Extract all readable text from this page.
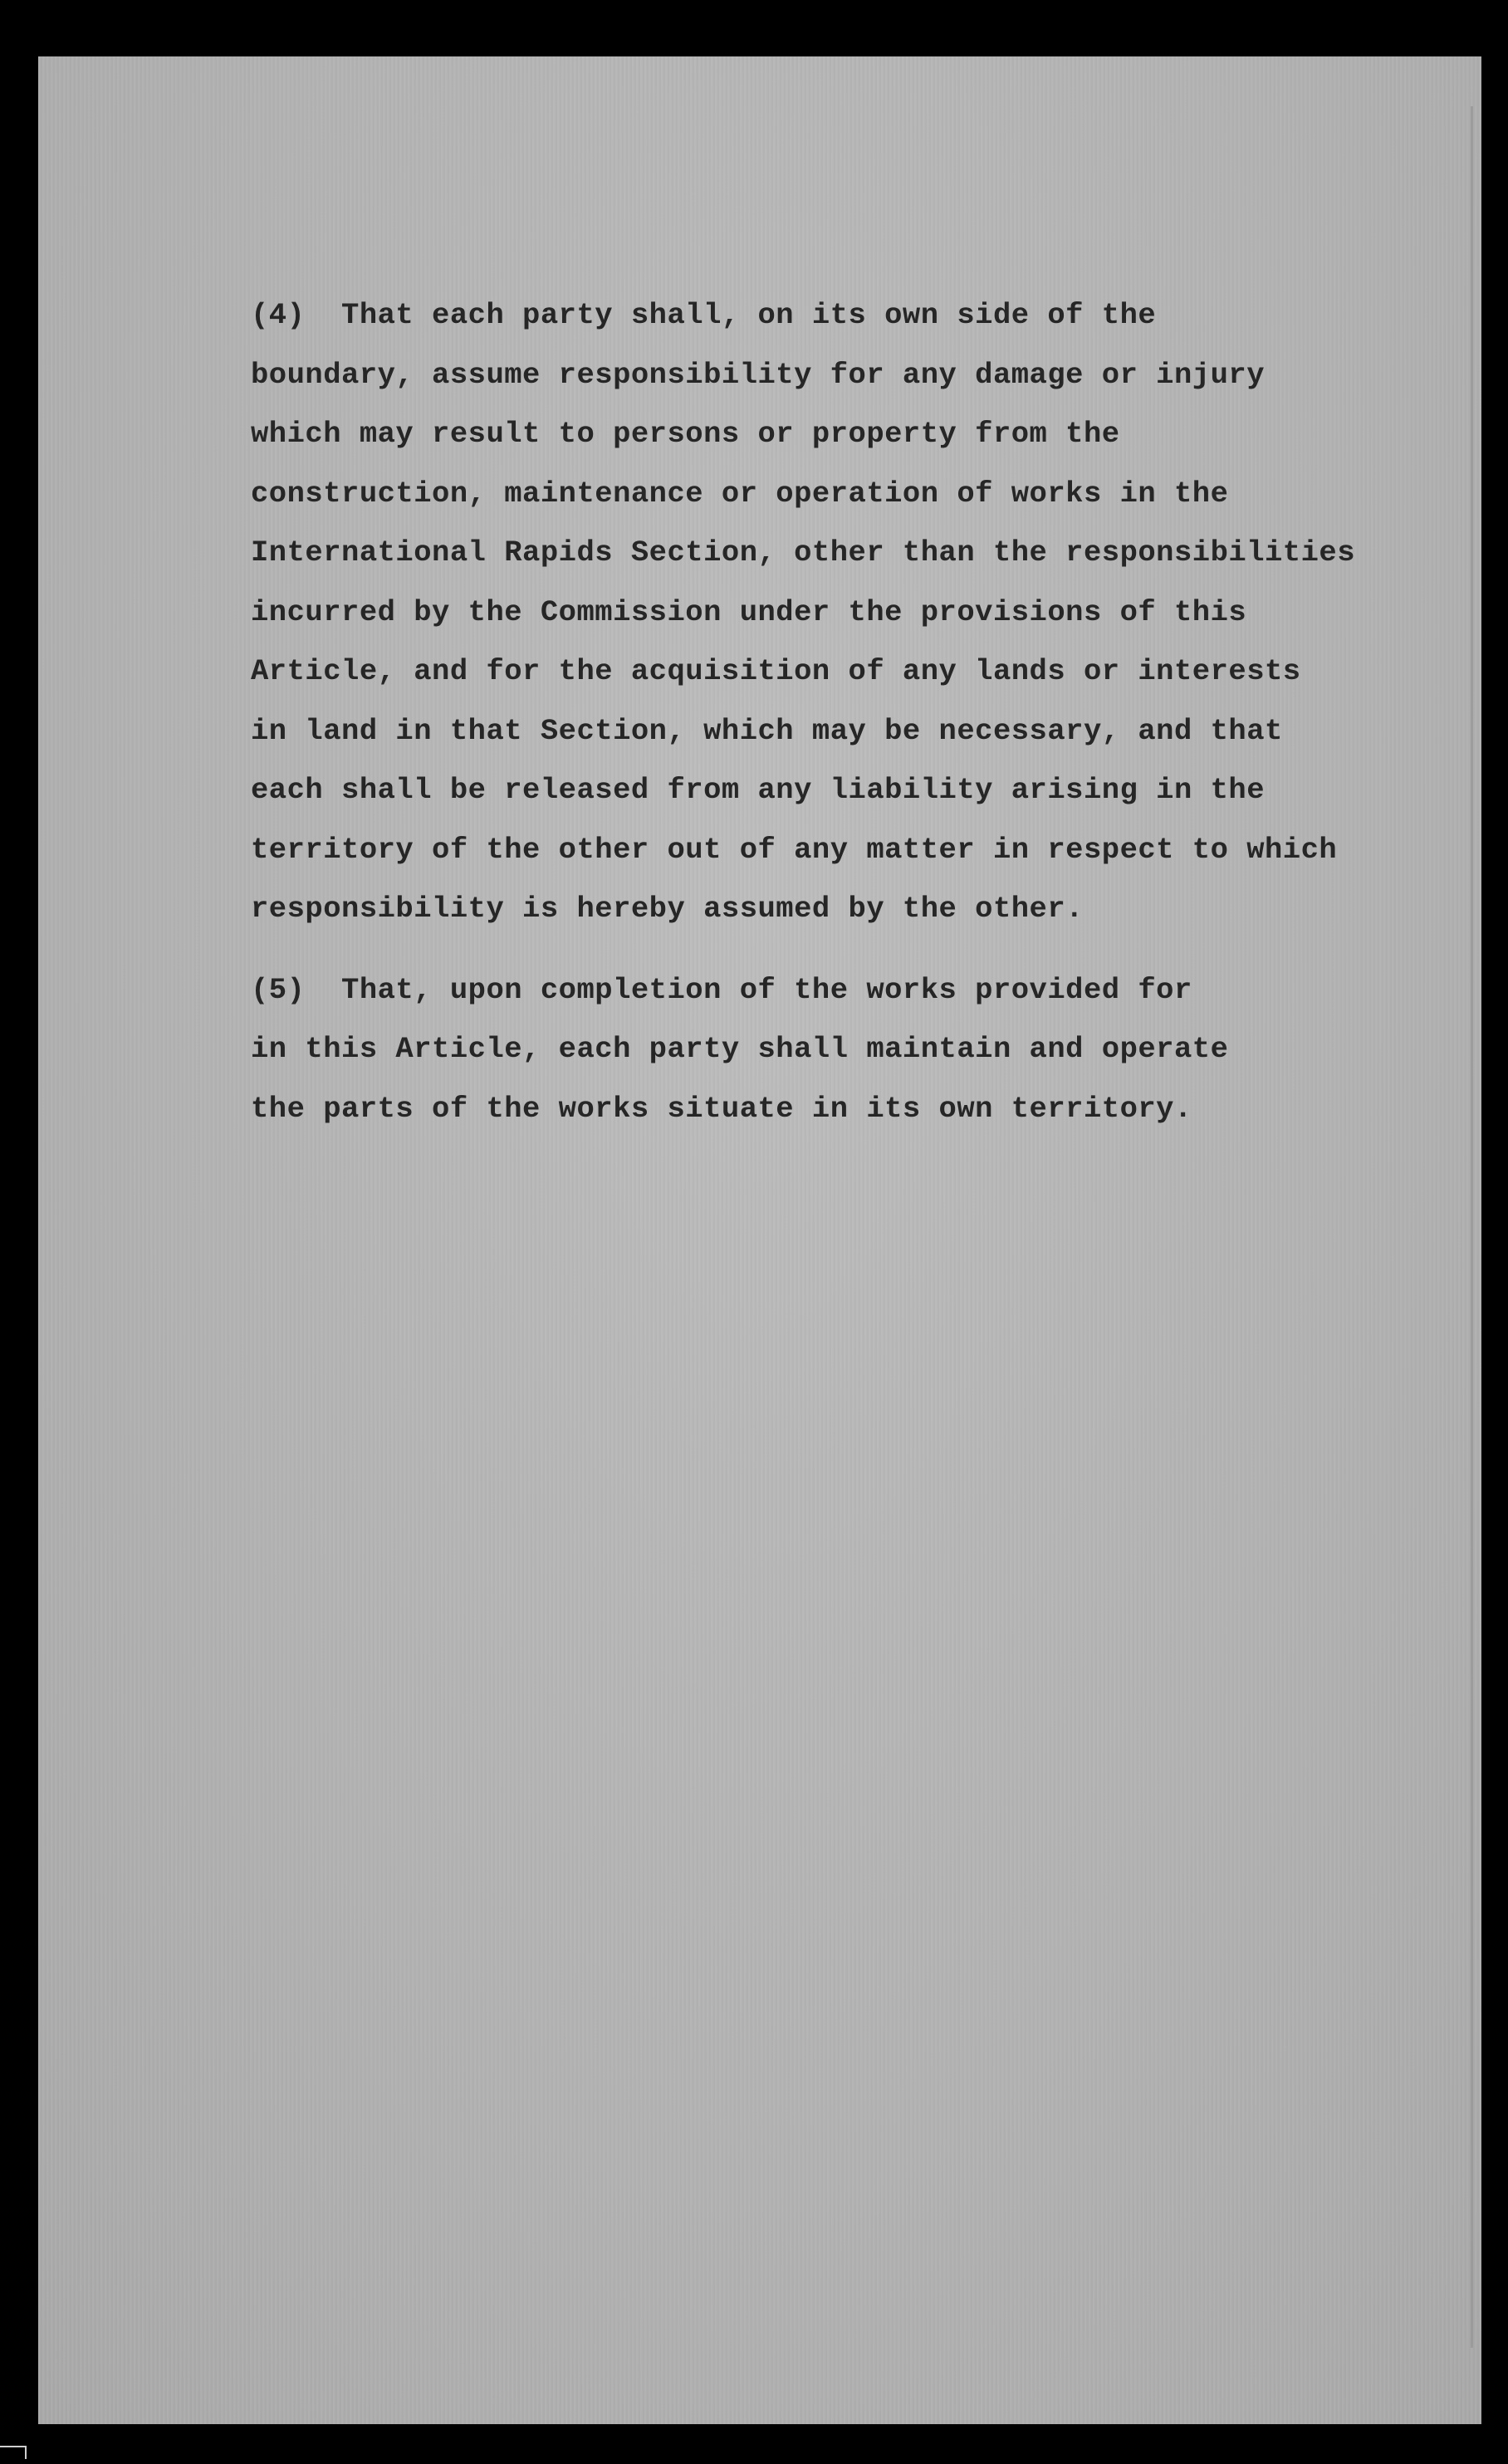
(4)  That each party shall, on its own side of the
boundary, assume responsibility for any damage or injury
which may result to persons or property from the
construction, maintenance or operation of works in the
International Rapids Section, other than the responsibilities
incurred by the Commission under the provisions of this
Article, and for the acquisition of any lands or interests
in land in that Section, which may be necessary, and that
each shall be released from any liability arising in the
territory of the other out of any matter in respect to which
responsibility is hereby assumed by the other.

(5)  That, upon completion of the works provided for
in this Article, each party shall maintain and operate
the parts of the works situate in its own territory.
